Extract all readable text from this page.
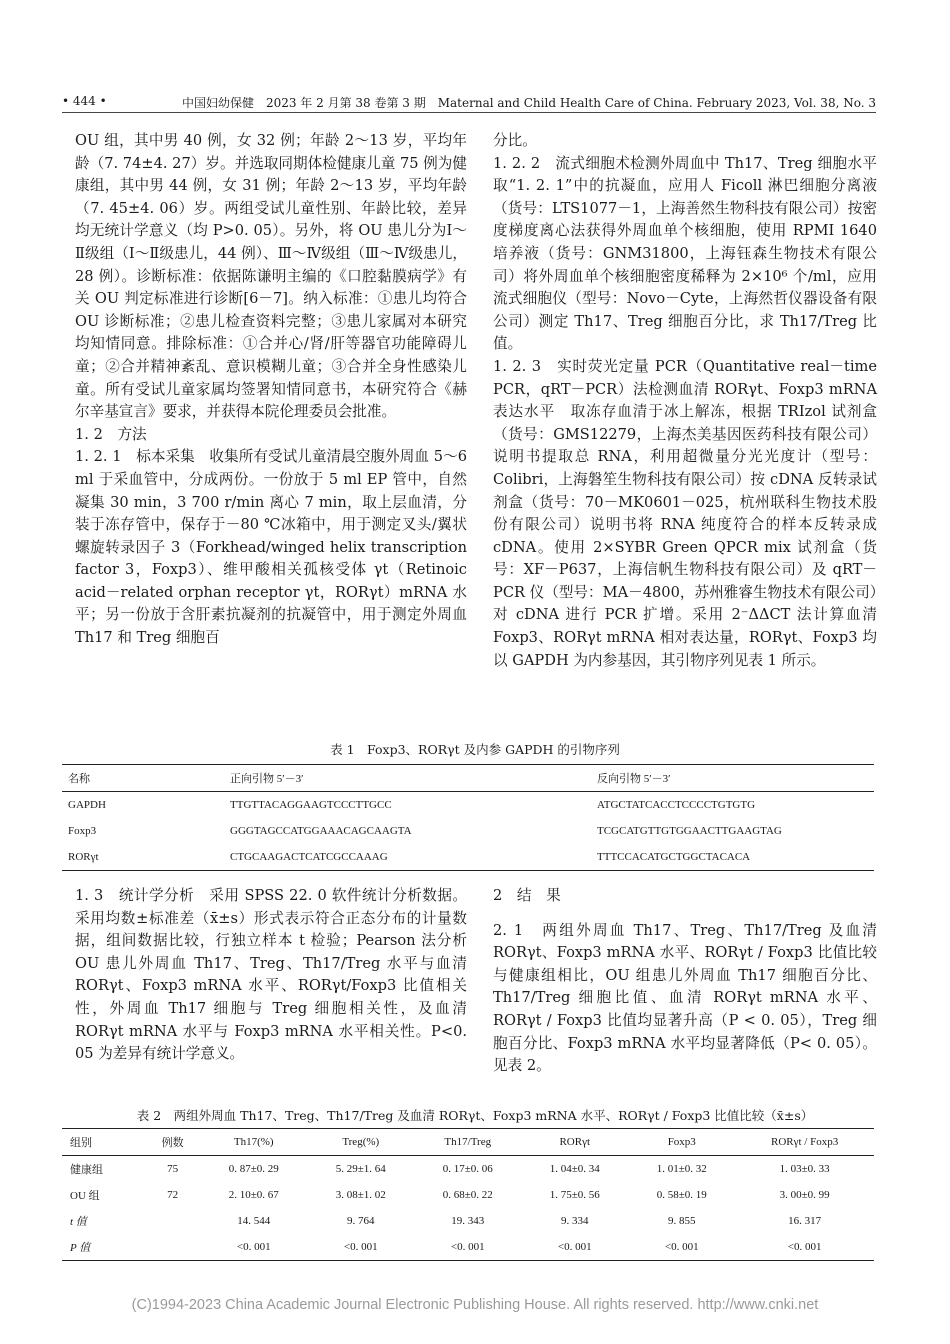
• 444 •	中国妇幼保健　2023 年 2 月第 38 卷第 3 期　Maternal and Child Health Care of China. February 2023, Vol. 38, No. 3

OU 组，其中男 40 例，女 32 例；年龄 2～13 岁，平均年龄（7. 74±4. 27）岁。并选取同期体检健康儿童 75 例为健康组，其中男 44 例，女 31 例；年龄 2～13 岁，平均年龄（7. 45±4. 06）岁。两组受试儿童性别、年龄比较，差异均无统计学意义（均 P>0. 05）。另外，将 OU 患儿分为Ⅰ～Ⅱ级组（Ⅰ～Ⅱ级患儿，44 例）、Ⅲ～Ⅳ级组（Ⅲ～Ⅳ级患儿，28 例）。诊断标准：依据陈谦明主编的《口腔黏膜病学》有关 OU 判定标准进行诊断[6－7]。纳入标准：①患儿均符合 OU 诊断标准；②患儿检查资料完整；③患儿家属对本研究均知情同意。排除标准：①合并心/肾/肝等器官功能障碍儿童；②合并精神紊乱、意识模糊儿童；③合并全身性感染儿童。所有受试儿童家属均签署知情同意书，本研究符合《赫尔辛基宣言》要求，并获得本院伦理委员会批准。

1. 2　方法

1. 2. 1　标本采集　收集所有受试儿童清晨空腹外周血 5～6 ml 于采血管中，分成两份。一份放于 5 ml EP 管中，自然凝集 30 min，3 700 r/min 离心 7 min，取上层血清，分装于冻存管中，保存于－80 ℃冰箱中，用于测定叉头/翼状螺旋转录因子 3（Forkhead/winged helix transcription factor 3，Foxp3）、维甲酸相关孤核受体 γt（Retinoic acid－related orphan receptor γt，RORγt）mRNA 水平；另一份放于含肝素抗凝剂的抗凝管中，用于测定外周血 Th17 和 Treg 细胞百

分比。

1. 2. 2　流式细胞术检测外周血中 Th17、Treg 细胞水平　取“1. 2. 1”中的抗凝血，应用人 Ficoll 淋巴细胞分离液（货号：LTS1077－1，上海善然生物科技有限公司）按密度梯度离心法获得外周血单个核细胞，使用 RPMI 1640 培养液（货号：GNM31800，上海钰森生物技术有限公司）将外周血单个核细胞密度稀释为 2×10⁶ 个/ml，应用流式细胞仪（型号：Novo－Cyte，上海然哲仪器设备有限公司）测定 Th17、Treg 细胞百分比，求 Th17/Treg 比值。

1. 2. 3　实时荧光定量 PCR（Quantitative real－time PCR，qRT－PCR）法检测血清 RORγt、Foxp3 mRNA 表达水平　取冻存血清于冰上解冻，根据 TRIzol 试剂盒（货号：GMS12279，上海杰美基因医药科技有限公司）说明书提取总 RNA，利用超微量分光光度计（型号：Colibri，上海磐笙生物科技有限公司）按 cDNA 反转录试剂盒（货号：70－MK0601－025，杭州联科生物技术股份有限公司）说明书将 RNA 纯度符合的样本反转录成 cDNA。使用 2×SYBR Green QPCR mix 试剂盒（货号：XF－P637，上海信帆生物科技有限公司）及 qRT－PCR 仪（型号：MA－4800，苏州雅睿生物技术有限公司）对 cDNA 进行 PCR 扩增。采用 2⁻ΔΔCT 法计算血清 Foxp3、RORγt mRNA 相对表达量，RORγt、Foxp3 均以 GAPDH 为内参基因，其引物序列见表 1 所示。

表 1　Foxp3、RORγt 及内参 GAPDH 的引物序列
名称	正向引物 5′－3′	反向引物 5′－3′
GAPDH	TTGTTACAGGAAGTCCCTTGCC	ATGCTATCACCTCCCCTGTGTG
Foxp3	GGGTAGCCATGGAAACAGCAAGTA	TCGCATGTTGTGGAACTTGAAGTAG
RORγt	CTGCAAGACTCATCGCCAAAG	TTTCCACATGCTGGCTACACA

1. 3　统计学分析　采用 SPSS 22. 0 软件统计分析数据。采用均数±标准差（x̄±s）形式表示符合正态分布的计量数据，组间数据比较，行独立样本 t 检验；Pearson 法分析 OU 患儿外周血 Th17、Treg、Th17/Treg 水平与血清 RORγt、Foxp3 mRNA 水平、RORγt/Foxp3 比值相关性，外周血 Th17 细胞与 Treg 细胞相关性，及血清 RORγt mRNA 水平与 Foxp3 mRNA 水平相关性。P<0. 05 为差异有统计学意义。

2　结　果

2. 1　两组外周血 Th17、Treg、Th17/Treg 及血清 RORγt、Foxp3 mRNA 水平、RORγt / Foxp3 比值比较　与健康组相比，OU 组患儿外周血 Th17 细胞百分比、Th17/Treg 细胞比值、血清 RORγt mRNA 水平、RORγt / Foxp3 比值均显著升高（P < 0. 05），Treg 细胞百分比、Foxp3 mRNA 水平均显著降低（P< 0. 05）。见表 2。

表 2　两组外周血 Th17、Treg、Th17/Treg 及血清 RORγt、Foxp3 mRNA 水平、RORγt / Foxp3 比值比较（x̄±s）
组别	例数	Th17(%)	Treg(%)	Th17/Treg	RORγt	Foxp3	RORγt / Foxp3
健康组	75	0. 87±0. 29	5. 29±1. 64	0. 17±0. 06	1. 04±0. 34	1. 01±0. 32	1. 03±0. 33
OU 组	72	2. 10±0. 67	3. 08±1. 02	0. 68±0. 22	1. 75±0. 56	0. 58±0. 19	3. 00±0. 99
t 值		14. 544	9. 764	19. 343	9. 334	9. 855	16. 317
P 值		<0. 001	<0. 001	<0. 001	<0. 001	<0. 001	<0. 001
(C)1994-2023 China Academic Journal Electronic Publishing House. All rights reserved. http://www.cnki.net
